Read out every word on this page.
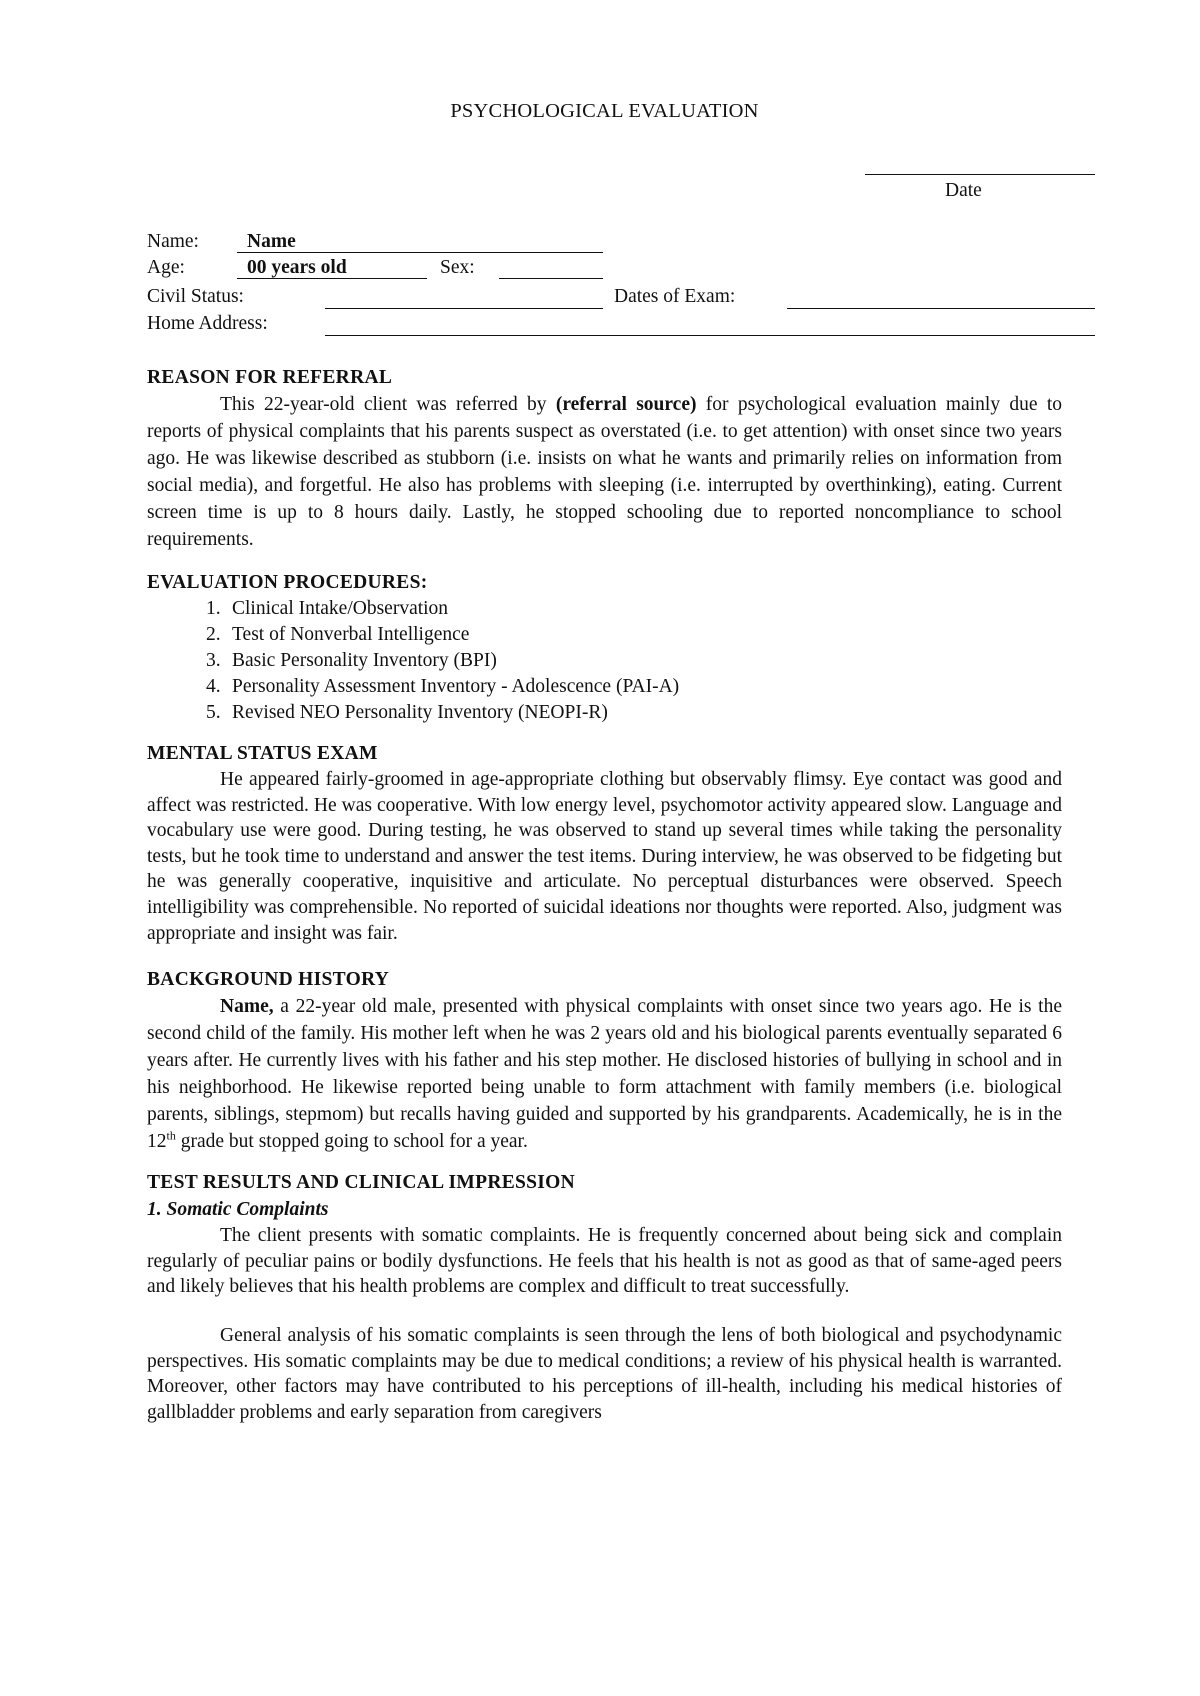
PSYCHOLOGICAL EVALUATION
Date
Name: Name
Age:	00 years old	Sex:
Civil Status:	Dates of Exam:
Home Address:
REASON FOR REFERRAL

This 22-year-old client was referred by (referral source) for psychological evaluation mainly due to reports of physical complaints that his parents suspect as overstated (i.e. to get attention) with onset since two years ago. He was likewise described as stubborn (i.e. insists on what he wants and primarily relies on information from social media), and forgetful. He also has problems with sleeping (i.e. interrupted by overthinking), eating. Current screen time is up to 8 hours daily. Lastly, he stopped schooling due to reported noncompliance to school requirements.

EVALUATION PROCEDURES:
1. Clinical Intake/Observation
2. Test of Nonverbal Intelligence
3. Basic Personality Inventory (BPI)
4. Personality Assessment Inventory - Adolescence (PAI-A)
5. Revised NEO Personality Inventory (NEOPI-R)
MENTAL STATUS EXAM

He appeared fairly-groomed in age-appropriate clothing but observably flimsy. Eye contact was good and affect was restricted. He was cooperative. With low energy level, psychomotor activity appeared slow. Language and vocabulary use were good. During testing, he was observed to stand up several times while taking the personality tests, but he took time to understand and answer the test items. During interview, he was observed to be fidgeting but he was generally cooperative, inquisitive and articulate. No perceptual disturbances were observed. Speech intelligibility was comprehensible. No reported of suicidal ideations nor thoughts were reported. Also, judgment was appropriate and insight was fair.

BACKGROUND HISTORY

Name, a 22-year old male, presented with physical complaints with onset since two years ago. He is the second child of the family. His mother left when he was 2 years old and his biological parents eventually separated 6 years after. He currently lives with his father and his step mother. He disclosed histories of bullying in school and in his neighborhood. He likewise reported being unable to form attachment with family members (i.e. biological parents, siblings, stepmom) but recalls having guided and supported by his grandparents. Academically, he is in the 12th grade but stopped going to school for a year.

TEST RESULTS AND CLINICAL IMPRESSION
1. Somatic Complaints

The client presents with somatic complaints. He is frequently concerned about being sick and complain regularly of peculiar pains or bodily dysfunctions. He feels that his health is not as good as that of same-aged peers and likely believes that his health problems are complex and difficult to treat successfully.

General analysis of his somatic complaints is seen through the lens of both biological and psychodynamic perspectives. His somatic complaints may be due to medical conditions; a review of his physical health is warranted. Moreover, other factors may have contributed to his perceptions of ill-health, including his medical histories of gallbladder problems and early separation from caregivers
